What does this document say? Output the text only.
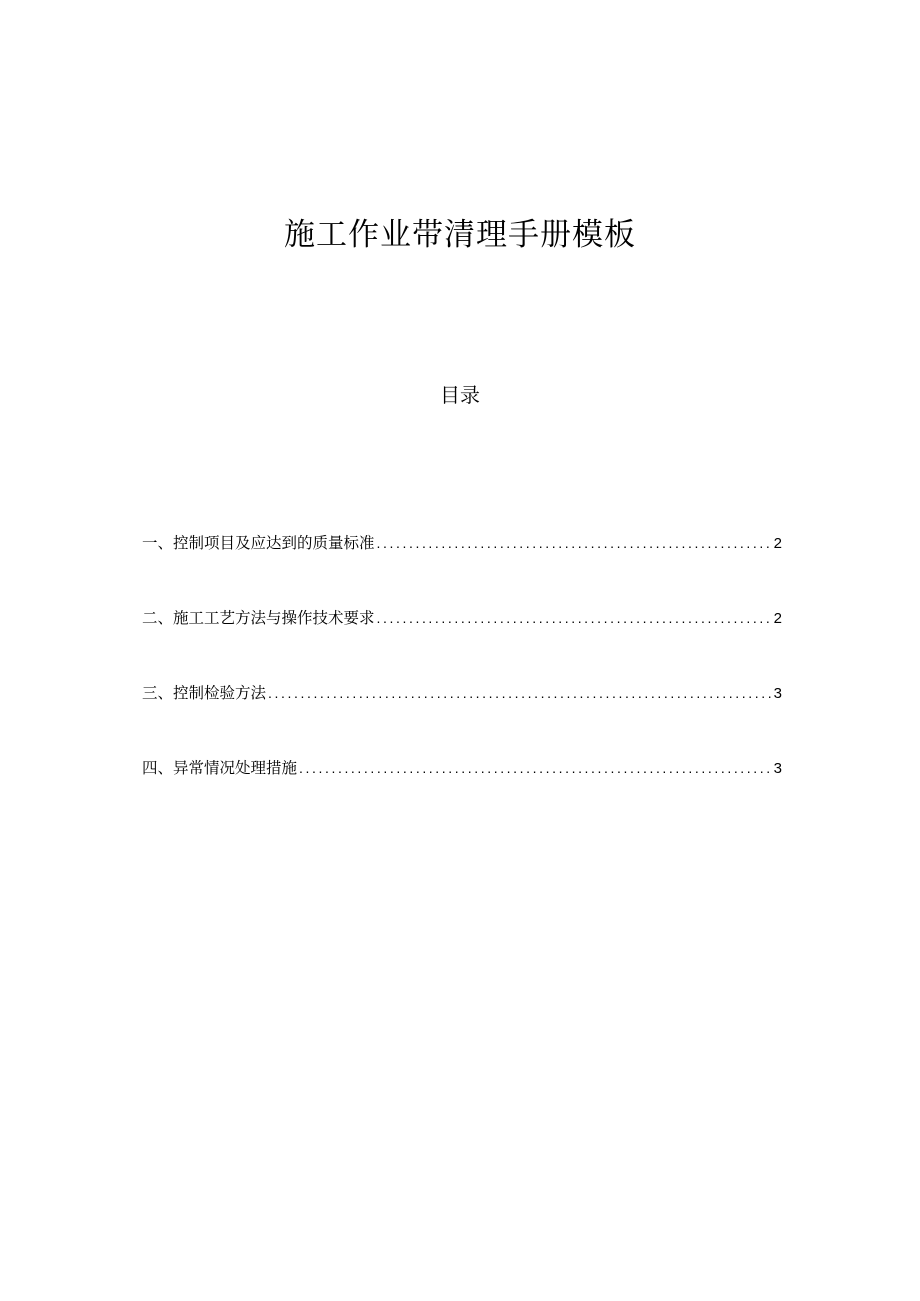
施工作业带清理手册模板
目录
一、控制项目及应达到的质量标准 .....	2
二、施工工艺方法与操作技术要求 .....	2
三、控制检验方法 .....	3
四、异常情况处理措施 .....	3
